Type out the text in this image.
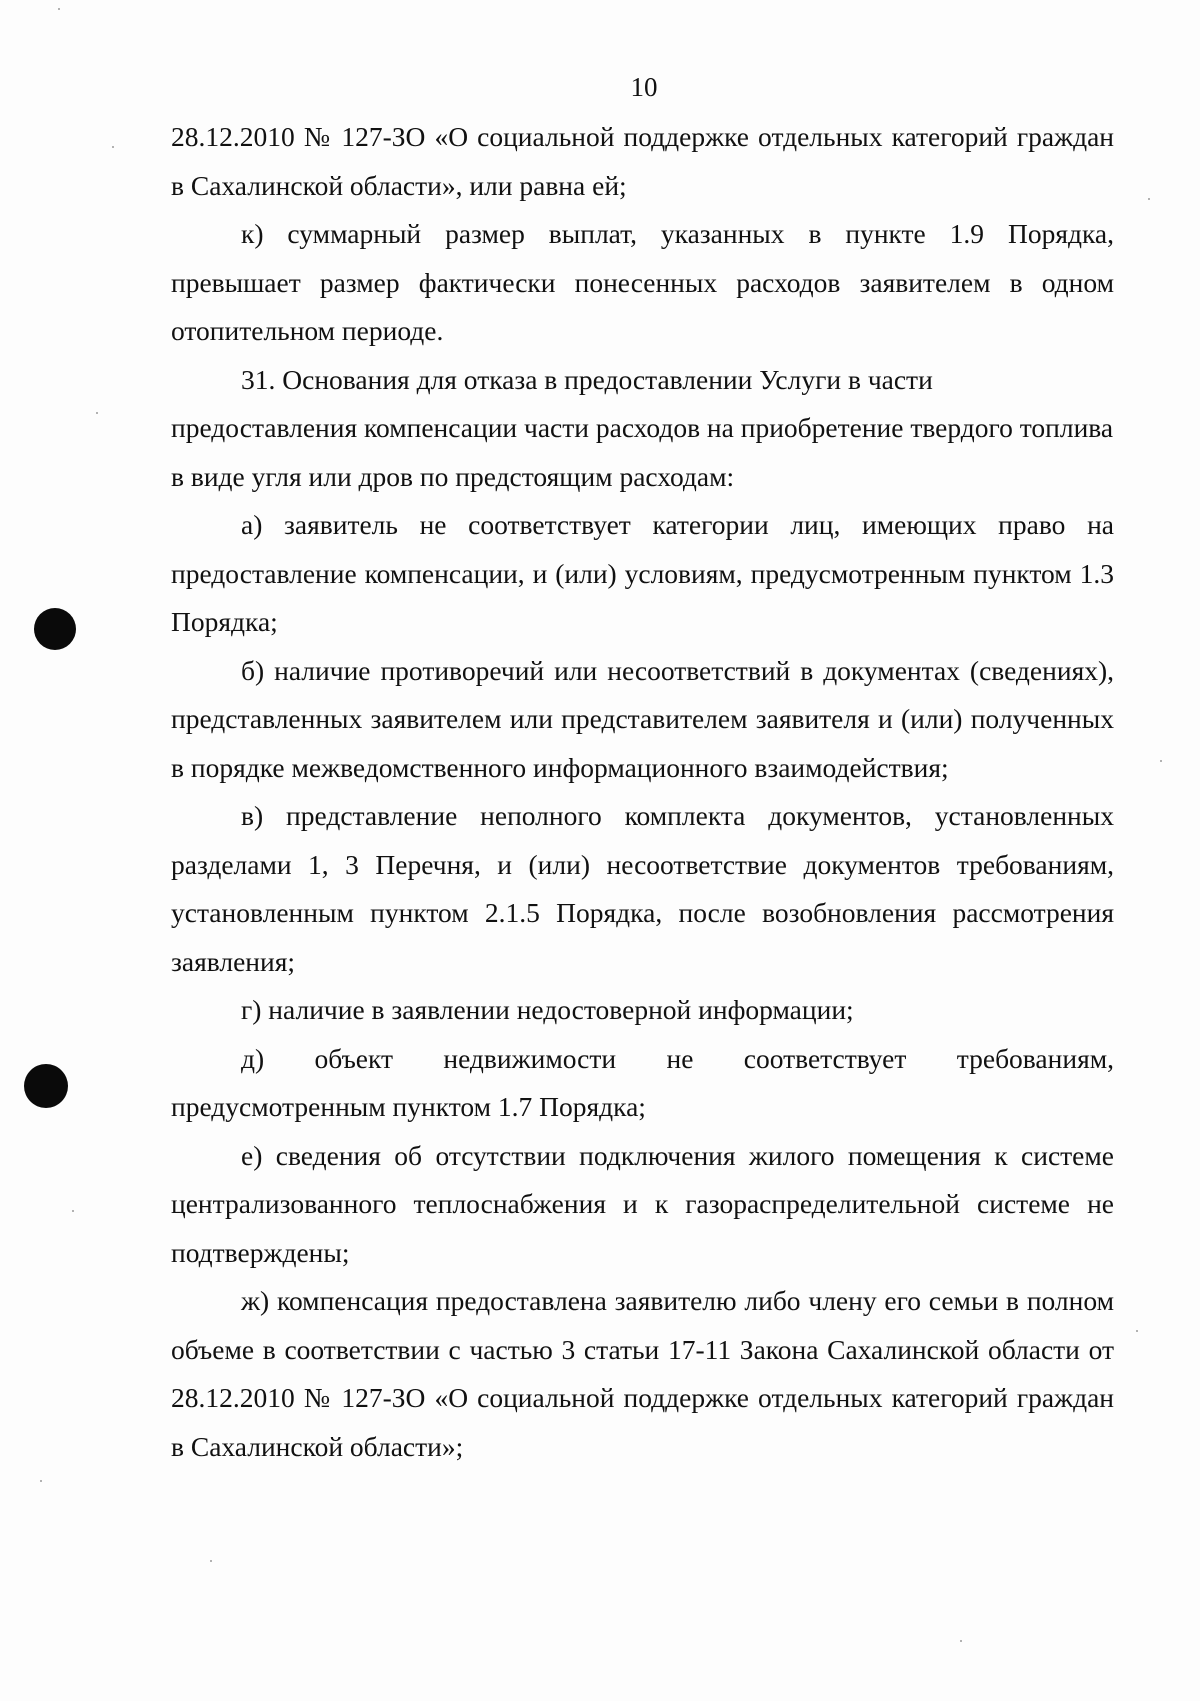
10

28.12.2010 № 127-ЗО «О социальной поддержке отдельных категорий граждан в Сахалинской области», или равна ей;

к) суммарный размер выплат, указанных в пункте 1.9 Порядка, превышает размер фактически понесенных расходов заявителем в одном отопительном периоде.

31. Основания для отказа в предоставлении Услуги в части предоставления компенсации части расходов на приобретение твердого топлива в виде угля или дров по предстоящим расходам:

а) заявитель не соответствует категории лиц, имеющих право на предоставление компенсации, и (или) условиям, предусмотренным пунктом 1.3 Порядка;

б) наличие противоречий или несоответствий в документах (сведениях), представленных заявителем или представителем заявителя и (или) полученных в порядке межведомственного информационного взаимодействия;

в) представление неполного комплекта документов, установленных разделами 1, 3 Перечня, и (или) несоответствие документов требованиям, установленным пунктом 2.1.5 Порядка, после возобновления рассмотрения заявления;

г) наличие в заявлении недостоверной информации;

д) объект недвижимости не соответствует требованиям, предусмотренным пунктом 1.7 Порядка;

е) сведения об отсутствии подключения жилого помещения к системе централизованного теплоснабжения и к газораспределительной системе не подтверждены;

ж) компенсация предоставлена заявителю либо члену его семьи в полном объеме в соответствии с частью 3 статьи 17-11 Закона Сахалинской области от 28.12.2010 № 127-ЗО «О социальной поддержке отдельных категорий граждан в Сахалинской области»;
